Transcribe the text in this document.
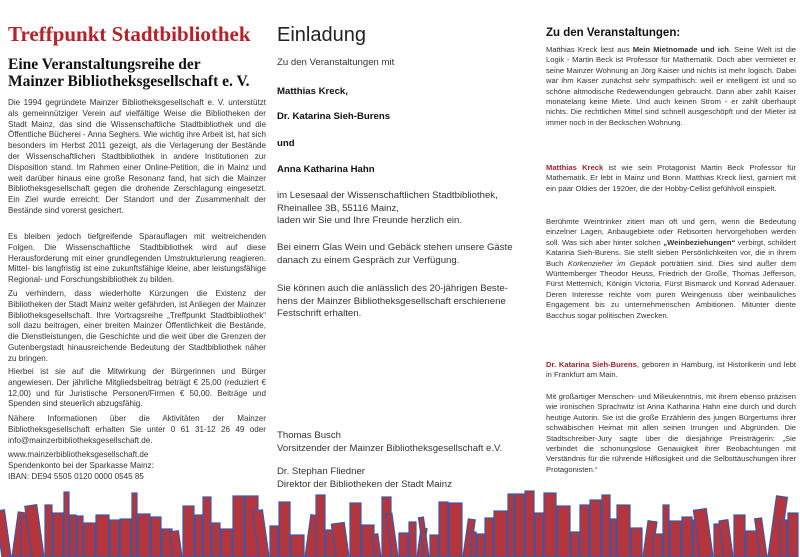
Treffpunkt Stadtbibliothek
Eine Veranstaltungsreihe der
Mainzer Bibliotheksgesellschaft e. V.

Die 1994 gegründete Mainzer Bibliotheksgesellschaft e. V. unterstützt als gemeinnütziger Verein auf vielfältige Weise die Bibliotheken der Stadt Mainz, das sind die Wissenschaftliche Stadtbibliothek und die Öffentliche Bücherei - Anna Seghers. Wie wichtig ihre Arbeit ist, hat sich besonders im Herbst 2011 gezeigt, als die Verlagerung der Bestände der Wissenschaftlichen Stadtbibliothek in andere Institutionen zur Disposition stand. Im Rahmen einer Online-Petition, die in Mainz und weit darüber hinaus eine große Resonanz fand, hat sich die Mainzer Bibliotheksgesellschaft gegen die drohende Zerschlagung eingesetzt. Ein Ziel wurde erreicht: Der Standort und der Zusammenhalt der Bestände sind vorerst gesichert.

Es bleiben jedoch tiefgreifende Sparauflagen mit weitreichenden Folgen. Die Wissenschaftliche Stadtbibliothek wird auf diese Herausforderung mit einer grundlegenden Umstrukturierung reagieren. Mittel- bis langfristig ist eine zukunftsfähige kleine, aber leistungsfähige Regional- und Forschungsbibliothek zu bilden.

Zu verhindern, dass wiederholte Kürzungen die Existenz der Bibliotheken der Stadt Mainz weiter gefährden, ist Anliegen der Mainzer Bibliotheksgesellschaft. Ihre Vortragsreihe „Treffpunkt Stadtbibliothek“ soll dazu beitragen, einer breiten Mainzer Öffentlichkeit die Bestände, die Dienstleistungen, die Geschichte und die weit über die Grenzen der Gutenbergstadt hinausreichende Bedeutung der Stadtbibliothek näher zu bringen.

Hierbei ist sie auf die Mitwirkung der Bürgerinnen und Bürger angewiesen. Der jährliche Mitgliedsbeitrag beträgt € 25,00 (reduziert € 12,00) und für Juristische Personen/Firmen € 50,00. Beiträge und Spenden sind steuerlich abzugsfähig.

Nähere Informationen über die Aktivitäten der Mainzer Bibliotheksgesellschaft erhalten Sie unter 0 61 31-12 26 49 oder info@mainzerbibliotheksgesellschaft.de.

www.mainzerbibliotheksgesellschaft.de
Spendenkonto bei der Sparkasse Mainz:
IBAN: DE94 5505 0120 0000 0545 85
Einladung
Zu den Veranstaltungen mit
Matthias Kreck,
Dr. Katarina Sieh-Burens
und
Anna Katharina Hahn
im Lesesaal der Wissenschaftlichen Stadtbibliothek,
Rheinallee 3B, 55116 Mainz,
laden wir Sie und Ihre Freunde herzlich ein.
Bei einem Glas Wein und Gebäck stehen unsere Gäste
danach zu einem Gespräch zur Verfügung.
Sie können auch die anlässlich des 20-jährigen Beste-
hens der Mainzer Bibliotheksgesellschaft erschienene
Festschrift erhalten.
Thomas Busch
Vorsitzender der Mainzer Bibliotheksgesellschaft e.V.
Dr. Stephan Fliedner
Direktor der Bibliotheken der Stadt Mainz
Zu den Veranstaltungen:

Matthias Kreck liest aus Mein Mietnomade und ich. Seine Welt ist die Logik - Martin Beck ist Professor für Mathematik. Doch aber vermietet er seine Mainzer Wohnung an Jörg Kaiser und nichts ist mehr logisch. Dabei war ihm Kaiser zunächst sehr sympathisch: weil er intelligent ist und so schöne altmodische Redewendungen gebraucht. Dann aber zahlt Kaiser monatelang keine Miete. Und auch keinen Strom - er zahlt überhaupt nichts. Die rechtlichen Mittel sind schnell ausgeschöpft und der Mieter ist immer noch in der Beckschen Wohnung.

Matthias Kreck ist wie sein Protagonist Martin Beck Professor für Mathematik. Er lebt in Mainz und Bonn. Matthias Kreck liest, garniert mit ein paar Oldies der 1920er, die der Hobby-Cellist gefühlvoll einspielt.

Berühmte Weintrinker zitiert man oft und gern, wenn die Bedeutung einzelner Lagen, Anbaugebiete oder Rebsorten hervorgehoben werden soll. Was sich aber hinter solchen „Weinbeziehungen“ verbirgt, schildert Katarina Sieh-Burens. Sie stellt sieben Persönlichkeiten vor, die in ihrem Buch Korkenzieher im Gepäck porträtiert sind. Dies sind außer dem Württemberger Theodor Heuss, Friedrich der Große, Thomas Jefferson, Fürst Metternich, Königin Victoria, Fürst Bismarck und Konrad Adenauer. Deren Interesse reichte vom puren Weingenuss über weinbauliches Engagement bis zu unternehmerischen Ambitionen. Mitunter diente Bacchus sogar politischen Zwecken.

Dr. Katarina Sieh-Burens, geboren in Hamburg, ist Historikerin und lebt in Frankfurt am Main.

Mit großartiger Menschen- und Milieukenntnis, mit ihrem ebenso präzisen wie ironischen Sprachwitz ist Anna Katharina Hahn eine durch und durch heutige Autorin. Sie ist die große Erzählerin des jungen Bürgertums ihrer schwäbischen Heimat mit allen seinen Irrungen und Abgründen. Die Stadtschreiber-Jury sagte über die diesjährige Preisträgerin: „Sie verbindet die schonungslose Genauigkeit ihrer Beobachtungen mit Verständnis für die rührende Hilflosigkeit und die Selbsttäuschungen ihrer Protagonisten.“
